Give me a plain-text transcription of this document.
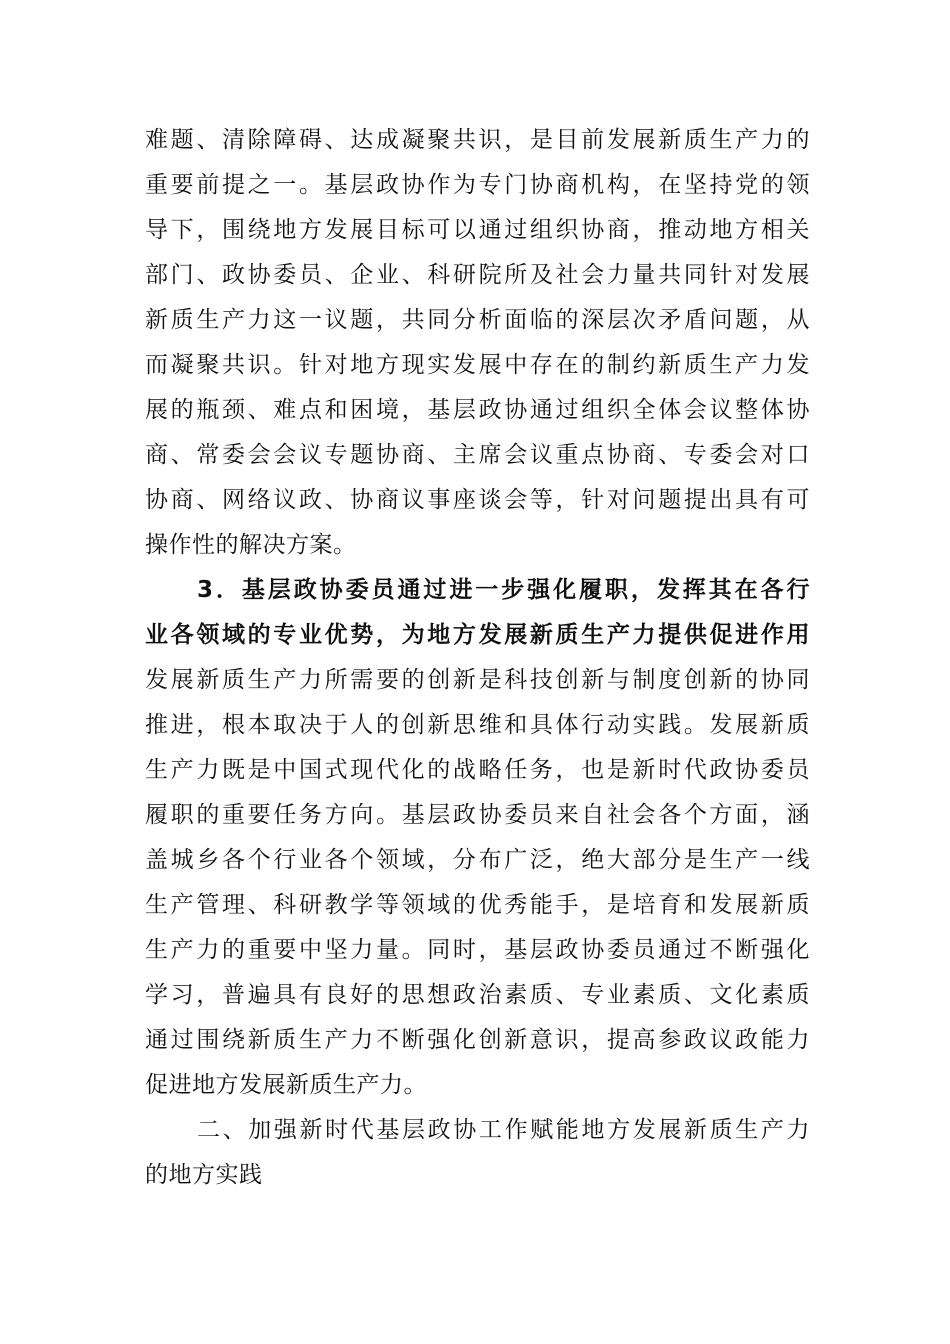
难题、清除障碍、达成凝聚共识，是目前发展新质生产力的
重要前提之一。基层政协作为专门协商机构，在坚持党的领
导下，围绕地方发展目标可以通过组织协商，推动地方相关
部门、政协委员、企业、科研院所及社会力量共同针对发展
新质生产力这一议题，共同分析面临的深层次矛盾问题，从
而凝聚共识。针对地方现实发展中存在的制约新质生产力发
展的瓶颈、难点和困境，基层政协通过组织全体会议整体协
商、常委会会议专题协商、主席会议重点协商、专委会对口
协商、网络议政、协商议事座谈会等，针对问题提出具有可
操作性的解决方案。
3．基层政协委员通过进一步强化履职，发挥其在各行
业各领域的专业优势，为地方发展新质生产力提供促进作用
发展新质生产力所需要的创新是科技创新与制度创新的协同
推进，根本取决于人的创新思维和具体行动实践。发展新质
生产力既是中国式现代化的战略任务，也是新时代政协委员
履职的重要任务方向。基层政协委员来自社会各个方面，涵
盖城乡各个行业各个领域，分布广泛，绝大部分是生产一线
生产管理、科研教学等领域的优秀能手，是培育和发展新质
生产力的重要中坚力量。同时，基层政协委员通过不断强化
学习，普遍具有良好的思想政治素质、专业素质、文化素质
通过围绕新质生产力不断强化创新意识，提高参政议政能力
促进地方发展新质生产力。
二、加强新时代基层政协工作赋能地方发展新质生产力
的地方实践
